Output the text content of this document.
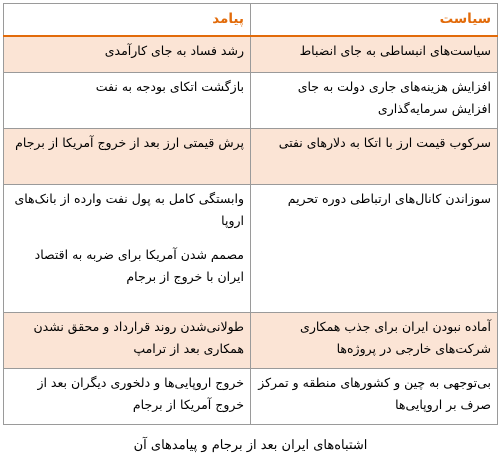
سیاست	پیامد
سیاست‌های انبساطی به جای انضباط	رشد فساد به جای کارآمدی
افزایش هزینه‌های جاری دولت به جای افزایش سرمایه‌گذاری	بازگشت اتکای بودجه به نفت
سرکوب قیمت ارز با اتکا به دلارهای نفتی	پرش قیمتی ارز بعد از خروج آمریکا از برجام
سوزاندن کانال‌های ارتباطی دوره تحریم	وابستگی کامل به پول نفت وارده از بانک‌های اروپا
مصمم شدن آمریکا برای ضربه به اقتصاد ایران با خروج از برجام
آماده نبودن ایران برای جذب همکاری شرکت‌های خارجی در پروژه‌ها	طولانی‌شدن روند قرارداد و محقق نشدن همکاری بعد از ترامپ
بی‌توجهی به چین و کشورهای منطقه و تمرکز صرف بر اروپایی‌ها	خروج اروپایی‌ها و دلخوری دیگران بعد از خروج آمریکا از برجام
اشتباه‌های ایران بعد از برجام و پیامدهای آن
